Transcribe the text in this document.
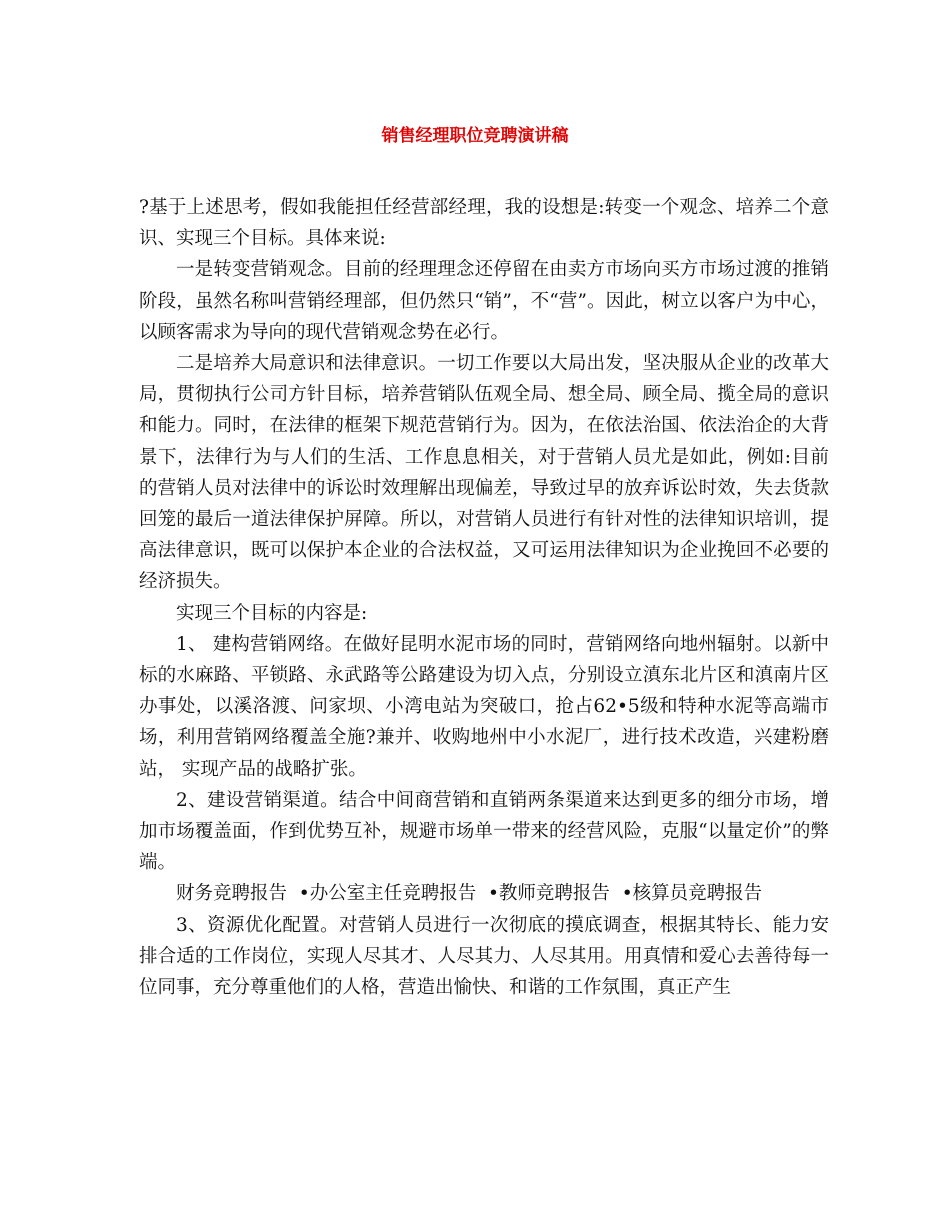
销售经理职位竞聘演讲稿

?基于上述思考，假如我能担任经营部经理，我的设想是:转变一个观念、培养二个意识、实现三个目标。具体来说:

一是转变营销观念。目前的经理理念还停留在由卖方市场向买方市场过渡的推销阶段，虽然名称叫营销经理部，但仍然只“销”，不“营”。因此，树立以客户为中心，以顾客需求为导向的现代营销观念势在必行。

二是培养大局意识和法律意识。一切工作要以大局出发，坚决服从企业的改革大局，贯彻执行公司方针目标，培养营销队伍观全局、想全局、顾全局、揽全局的意识和能力。同时，在法律的框架下规范营销行为。因为，在依法治国、依法治企的大背景下，法律行为与人们的生活、工作息息相关，对于营销人员尤是如此，例如:目前的营销人员对法律中的诉讼时效理解出现偏差，导致过早的放弃诉讼时效，失去货款回笼的最后一道法律保护屏障。所以，对营销人员进行有针对性的法律知识培训，提高法律意识，既可以保护本企业的合法权益，又可运用法律知识为企业挽回不必要的经济损失。

实现三个目标的内容是:

1、 建构营销网络。在做好昆明水泥市场的同时，营销网络向地州辐射。以新中标的水麻路、平锁路、永武路等公路建设为切入点，分别设立滇东北片区和滇南片区办事处，以溪洛渡、问家坝、小湾电站为突破口，抢占62•5级和特种水泥等高端市场，利用营销网络覆盖全施?兼并、收购地州中小水泥厂，进行技术改造，兴建粉磨站， 实现产品的战略扩张。

2、建设营销渠道。结合中间商营销和直销两条渠道来达到更多的细分市场，增加市场覆盖面，作到优势互补，规避市场单一带来的经营风险，克服“以量定价”的弊端。

财务竞聘报告 •办公室主任竞聘报告 •教师竞聘报告 •核算员竞聘报告

3、资源优化配置。对营销人员进行一次彻底的摸底调查，根据其特长、能力安排合适的工作岗位，实现人尽其才、人尽其力、人尽其用。用真情和爱心去善待每一位同事，充分尊重他们的人格，营造出愉快、和谐的工作氛围，真正产生
